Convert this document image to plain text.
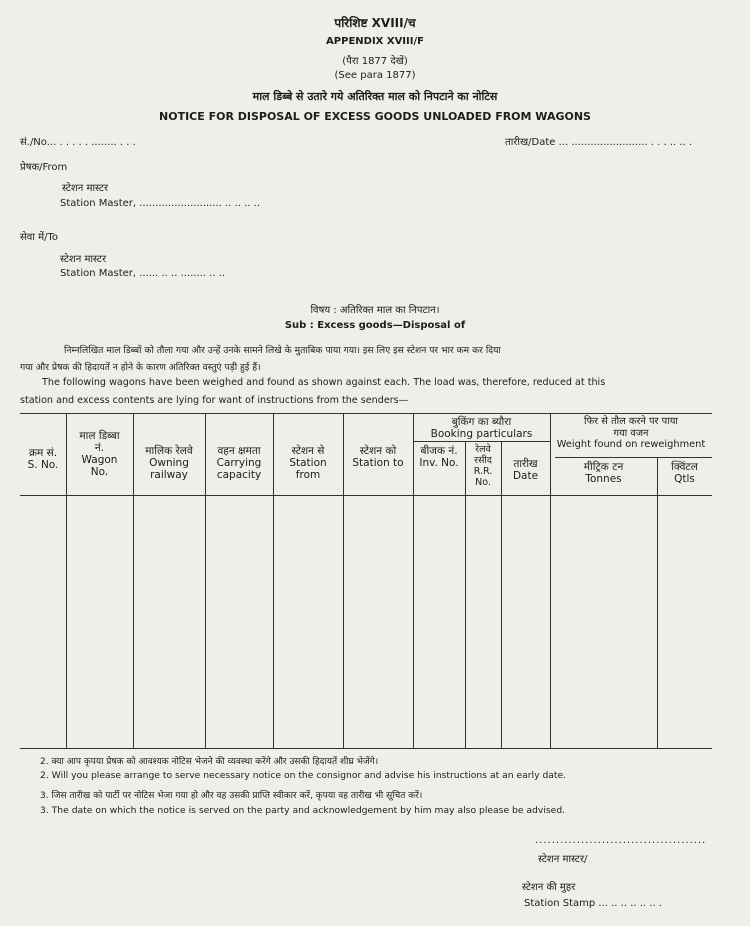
परिशिष्ट XVIII/च
APPENDIX XVIII/F
(पैरा 1877 देखें)
(See para 1877)
माल डिब्बे से उतारे गये अतिरिक्त माल को निपटाने का नोटिस
NOTICE FOR DISPOSAL OF EXCESS GOODS UNLOADED FROM WAGONS
सं./No... . . . . . ........ . . .	तारीख/Date ... ........................ . . . .. .. .
प्रेषक/From
स्टेशन मास्टर
Station Master, .......................... .. .. .. ..
सेवा में/To
स्टेशन मास्टर
Station Master, ...... .. .. ........ .. ..
विषय : अतिरिक्त माल का निपटान।
Sub : Excess goods—Disposal of
निम्नलिखित माल डिब्बों को तौला गया और उन्हें उनके सामने लिखे के मुताबिक पाया गया। इस लिए इस स्टेशन पर भार कम कर दिया
गया और प्रेषक की हिदायतें न होने के कारण अतिरिक्त वस्तुएं पड़ी हुई हैं।
The following wagons have been weighed and found as shown against each. The load was, therefore, reduced at this
station and excess contents are lying for want of instructions from the senders—
क्रम सं.
S. No.
माल डिब्बा
नं.
Wagon
No.
मालिक रेलवे
Owning
railway
वहन क्षमता
Carrying
capacity
स्टेशन से
Station
from
स्टेशन को
Station to
बुकिंग का ब्यौरा
Booking particulars
बीजक नं.
Inv. No.
रेलवे
रसीद
R.R.
No.
तारीख
Date
फिर से तौल करने पर पाया
गया वजन
Weight found on reweighment
मीट्रिक टन
Tonnes
क्विंटल
Qtls
2. क्या आप कृपया प्रेषक को आवश्यक नोटिस भेजने की व्यवस्था करेंगे और उसकी हिदायतें शीघ्र भेजेंगे।
2. Will you please arrange to serve necessary notice on the consignor and advise his instructions at an early date.
3. जिस तारीख को पार्टी पर नोटिस भेजा गया हो और वह उसकी प्राप्ति स्वीकार करें, कृपया वह तारीख भी सूचित करें।
3. The date on which the notice is served on the party and acknowledgement by him may also please be advised.
.........................................
स्टेशन मास्टर/
स्टेशन की मुहर
Station Stamp ... .. .. .. .. .. .
